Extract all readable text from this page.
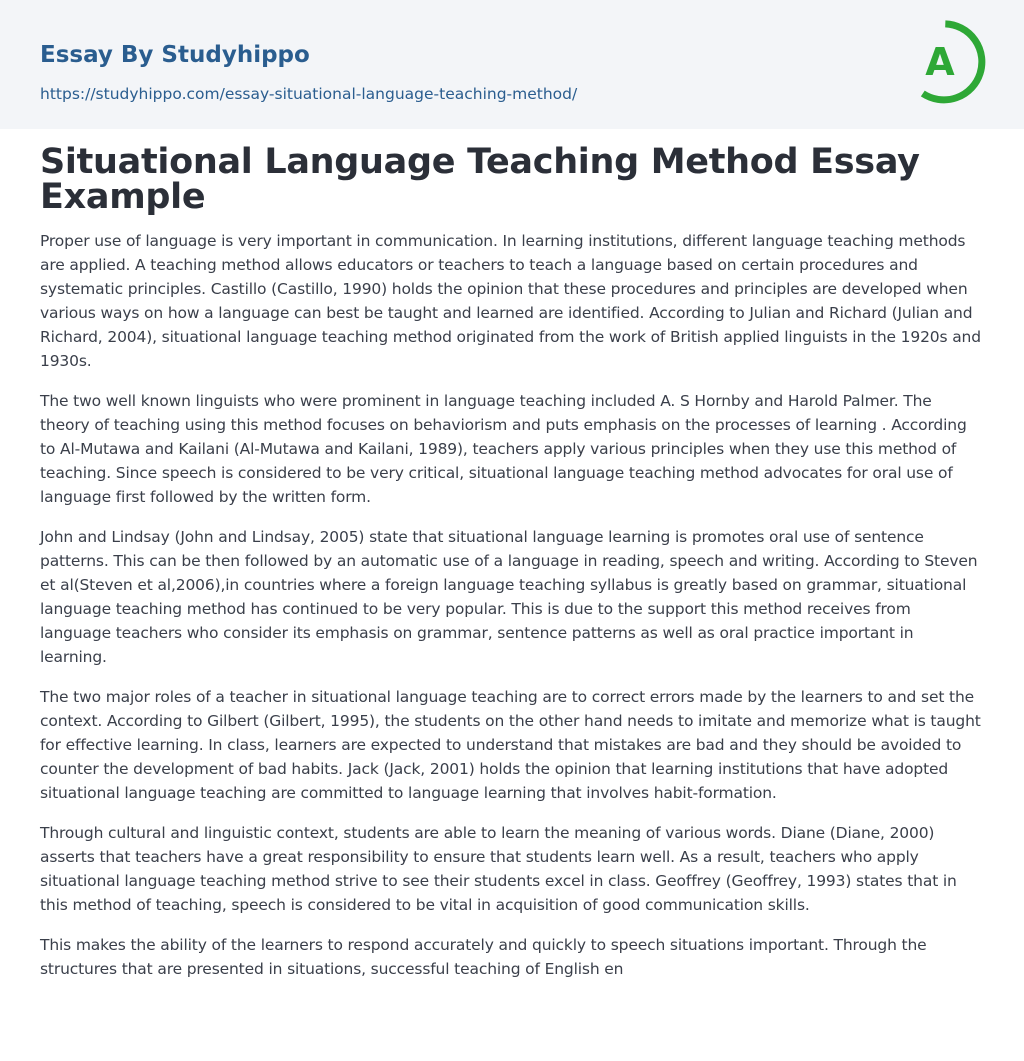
Essay By Studyhippo
https://studyhippo.com/essay-situational-language-teaching-method/
A
Situational Language Teaching Method Essay Example

Proper use of language is very important in communication. In learning institutions, different language teaching methods are applied. A teaching method allows educators or teachers to teach a language based on certain procedures and systematic principles. Castillo (Castillo, 1990) holds the opinion that these procedures and principles are developed when various ways on how a language can best be taught and learned are identified. According to Julian and Richard (Julian and Richard, 2004), situational language teaching method originated from the work of British applied linguists in the 1920s and 1930s.

The two well known linguists who were prominent in language teaching included A. S Hornby and Harold Palmer. The theory of teaching using this method focuses on behaviorism and puts emphasis on the processes of learning . According to Al-Mutawa and Kailani (Al-Mutawa and Kailani, 1989), teachers apply various principles when they use this method of teaching. Since speech is considered to be very critical, situational language teaching method advocates for oral use of language first followed by the written form.

John and Lindsay (John and Lindsay, 2005) state that situational language learning is promotes oral use of sentence patterns. This can be then followed by an automatic use of a language in reading, speech and writing. According to Steven et al(Steven et al,2006),in countries where a foreign language teaching syllabus is greatly based on grammar, situational language teaching method has continued to be very popular. This is due to the support this method receives from language teachers who consider its emphasis on grammar, sentence patterns as well as oral practice important in learning.

The two major roles of a teacher in situational language teaching are to correct errors made by the learners to and set the context. According to Gilbert (Gilbert, 1995), the students on the other hand needs to imitate and memorize what is taught for effective learning. In class, learners are expected to understand that mistakes are bad and they should be avoided to counter the development of bad habits. Jack (Jack, 2001) holds the opinion that learning institutions that have adopted situational language teaching are committed to language learning that involves habit-formation.

Through cultural and linguistic context, students are able to learn the meaning of various words. Diane (Diane, 2000) asserts that teachers have a great responsibility to ensure that students learn well. As a result, teachers who apply situational language teaching method strive to see their students excel in class. Geoffrey (Geoffrey, 1993) states that in this method of teaching, speech is considered to be vital in acquisition of good communication skills.

This makes the ability of the learners to respond accurately and quickly to speech situations important. Through the structures that are presented in situations, successful teaching of English en
